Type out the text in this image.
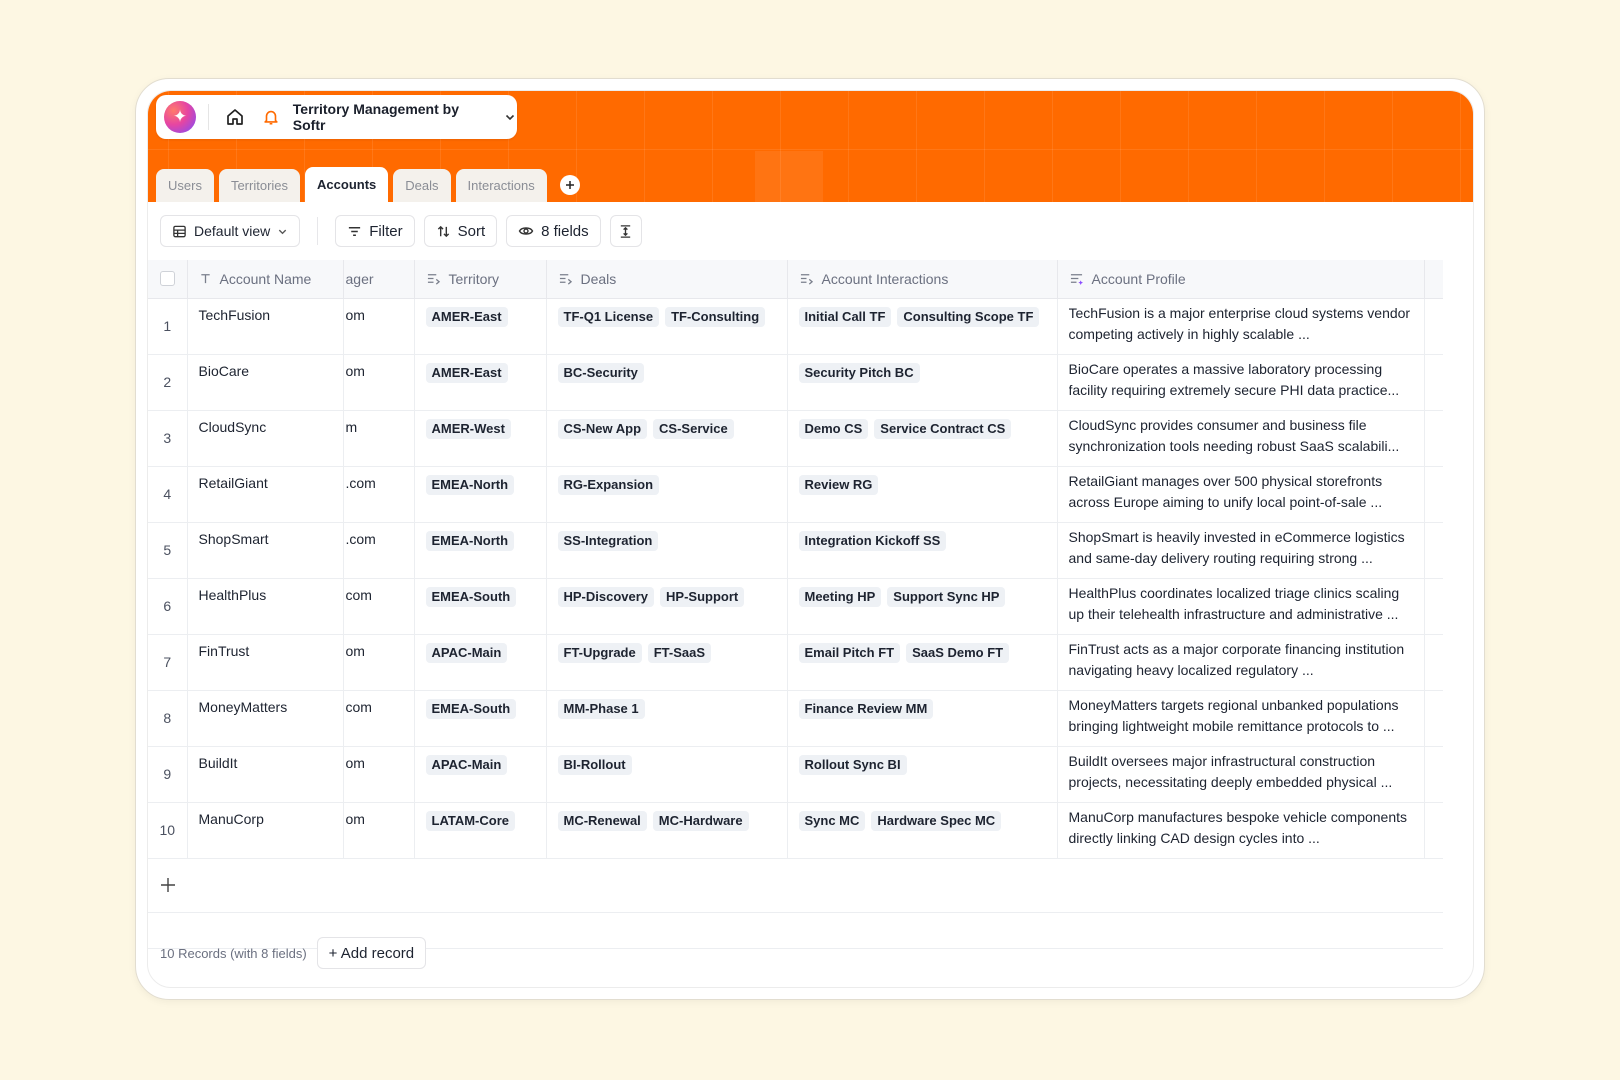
✦	Territory Management by Softr
Users	Territories	Accounts	Deals	Interactions
Default view	Filter	Sort	8 fields

	Account Name	ager	Territory	Deals	Account Interactions	Account Profile	

1	TechFusion	om	AMER-East	TF-Q1 License TF-Consulting	Initial Call TF Consulting Scope TF	TechFusion is a major enterprise cloud systems vendor competing actively in highly scalable ...	

2	BioCare	om	AMER-East	BC-Security	Security Pitch BC	BioCare operates a massive laboratory processing facility requiring extremely secure PHI data practice...	

3	CloudSync	m	AMER-West	CS-New App CS-Service	Demo CS Service Contract CS	CloudSync provides consumer and business file synchronization tools needing robust SaaS scalabili...	

4	RetailGiant	.com	EMEA-North	RG-Expansion	Review RG	RetailGiant manages over 500 physical storefronts across Europe aiming to unify local point-of-sale ...	

5	ShopSmart	.com	EMEA-North	SS-Integration	Integration Kickoff SS	ShopSmart is heavily invested in eCommerce logistics and same-day delivery routing requiring strong ...	

6	HealthPlus	com	EMEA-South	HP-Discovery HP-Support	Meeting HP Support Sync HP	HealthPlus coordinates localized triage clinics scaling up their telehealth infrastructure and administrative ...	

7	FinTrust	om	APAC-Main	FT-Upgrade FT-SaaS	Email Pitch FT SaaS Demo FT	FinTrust acts as a major corporate financing institution navigating heavy localized regulatory ...	

8	MoneyMatters	com	EMEA-South	MM-Phase 1	Finance Review MM	MoneyMatters targets regional unbanked populations bringing lightweight mobile remittance protocols to ...	

9	BuildIt	om	APAC-Main	BI-Rollout	Rollout Sync BI	BuildIt oversees major infrastructural construction projects, necessitating deeply embedded physical ...	

10	ManuCorp	om	LATAM-Core	MC-Renewal MC-Hardware	Sync MC Hardware Spec MC	ManuCorp manufactures bespoke vehicle components directly linking CAD design cycles into ...	

10 Records (with 8 fields)	+ Add record
